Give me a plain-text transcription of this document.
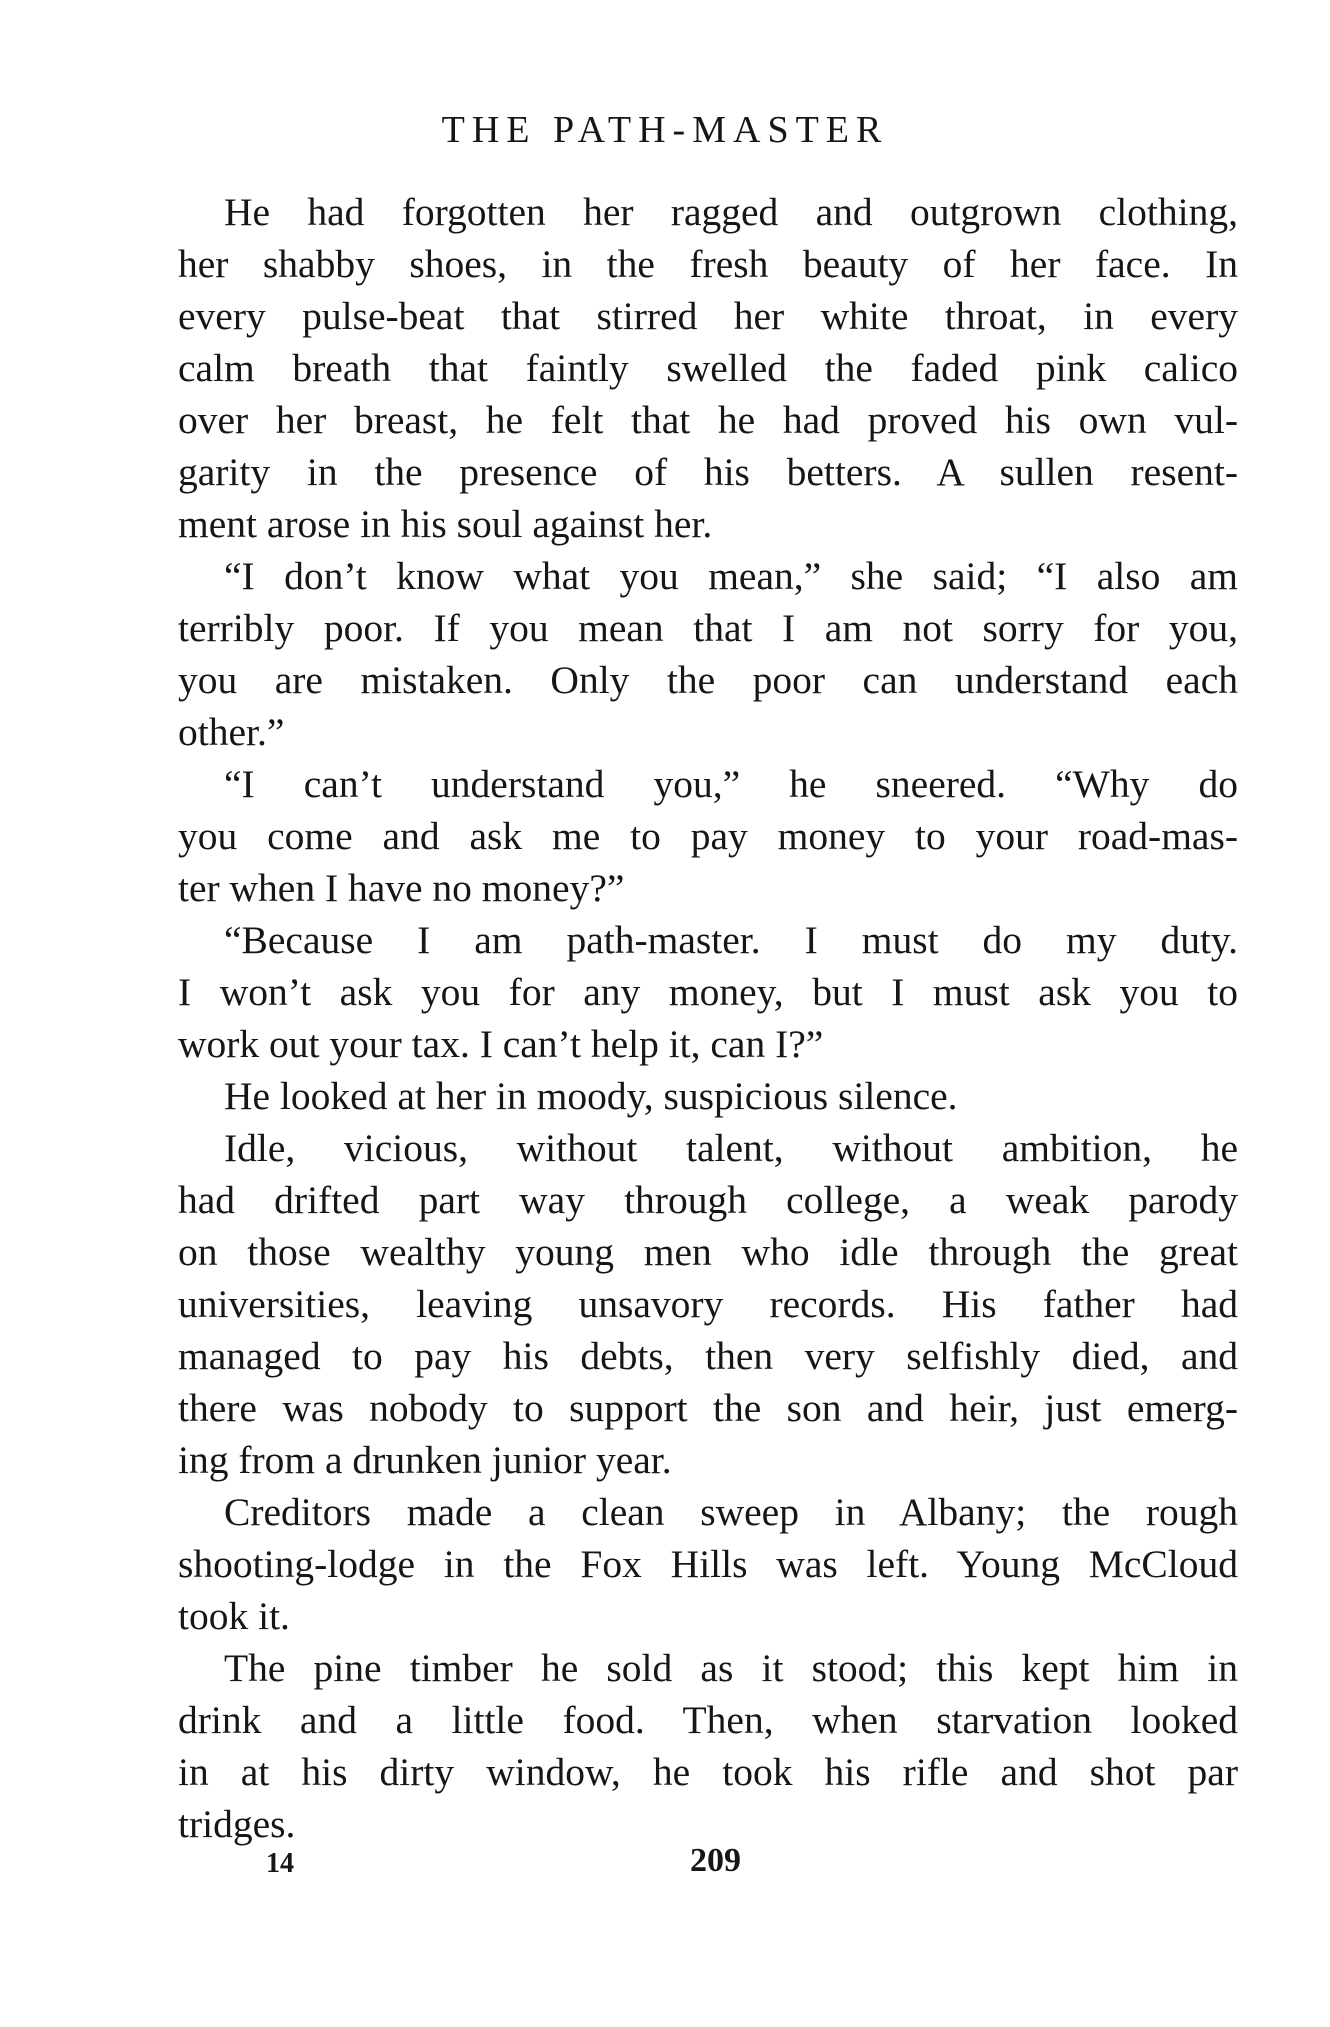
THE PATH-MASTER
He had forgotten her ragged and outgrown clothing,
her shabby shoes, in the fresh beauty of her face. In
every pulse-beat that stirred her white throat, in every
calm breath that faintly swelled the faded pink calico
over her breast, he felt that he had proved his own vul-
garity in the presence of his betters. A sullen resent-
ment arose in his soul against her.
“I don’t know what you mean,” she said; “I also am
terribly poor. If you mean that I am not sorry for you,
you are mistaken. Only the poor can understand each
other.”
“I can’t understand you,” he sneered. “Why do
you come and ask me to pay money to your road-mas-
ter when I have no money?”
“Because I am path-master. I must do my duty.
I won’t ask you for any money, but I must ask you to
work out your tax. I can’t help it, can I?”
He looked at her in moody, suspicious silence.
Idle, vicious, without talent, without ambition, he
had drifted part way through college, a weak parody
on those wealthy young men who idle through the great
universities, leaving unsavory records. His father had
managed to pay his debts, then very selfishly died, and
there was nobody to support the son and heir, just emerg-
ing from a drunken junior year.
Creditors made a clean sweep in Albany; the rough
shooting-lodge in the Fox Hills was left. Young McCloud
took it.
The pine timber he sold as it stood; this kept him in
drink and a little food. Then, when starvation looked
in at his dirty window, he took his rifle and shot par
tridges.
14	209
